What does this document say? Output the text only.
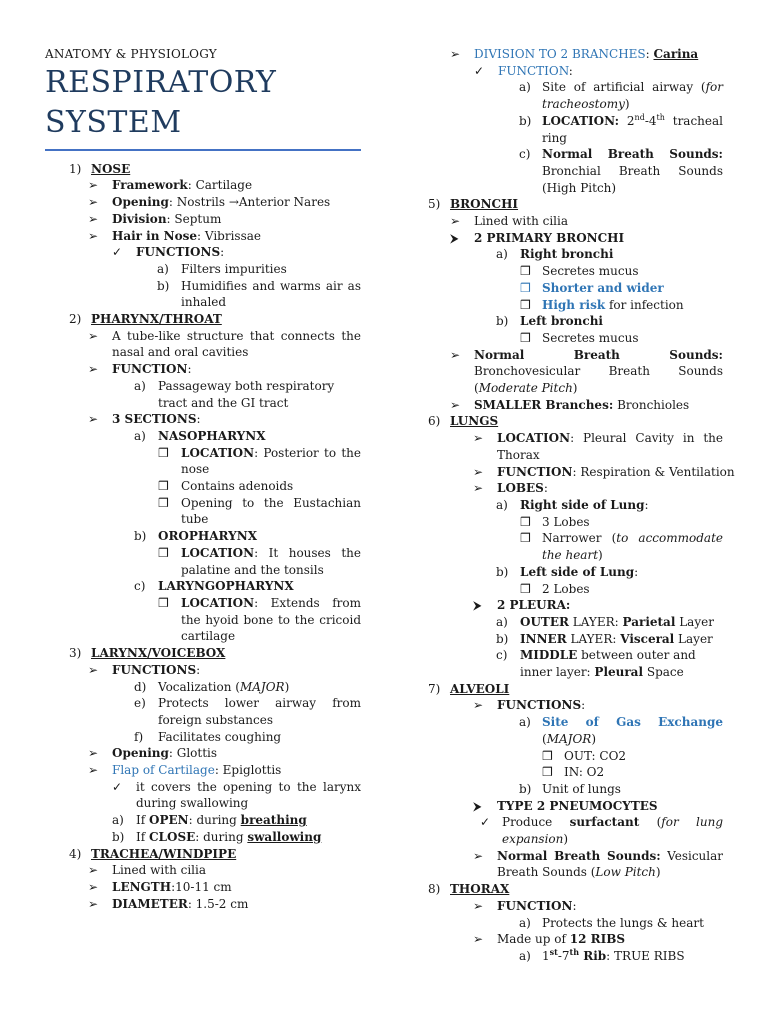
ANATOMY & PHYSIOLOGY
RESPIRATORY
SYSTEM
1) NOSE
➢ Framework: Cartilage
➢ Opening: Nostrils →Anterior Nares
➢ Division: Septum
➢ Hair in Nose: Vibrissae
✓ FUNCTIONS:
a) Filters impurities
b) Humidifies and warms air as inhaled
2) PHARYNX/THROAT
➢ A tube-like structure that connects the nasal and oral cavities
➢ FUNCTION:
a) Passageway both respiratory tract and the GI tract
➢ 3 SECTIONS:
a) NASOPHARYNX
❒ LOCATION: Posterior to the nose
❒ Contains adenoids
❒ Opening to the Eustachian tube
b) OROPHARYNX
❒ LOCATION: It houses the palatine and the tonsils
c) LARYNGOPHARYNX
❒ LOCATION: Extends from the hyoid bone to the cricoid cartilage
3) LARYNX/VOICEBOX
➢ FUNCTIONS:
d) Vocalization (MAJOR)
e) Protects lower airway from foreign substances
f) Facilitates coughing
➢ Opening: Glottis
➢ Flap of Cartilage: Epiglottis
✓ it covers the opening to the larynx during swallowing
a) If OPEN: during breathing
b) If CLOSE: during swallowing
4) TRACHEA/WINDPIPE
➢ Lined with cilia
➢ LENGTH:10-11 cm
➢ DIAMETER: 1.5-2 cm
➢ DIVISION TO 2 BRANCHES: Carina
✓ FUNCTION:
a) Site of artificial airway (for tracheostomy)
b) LOCATION: 2nd-4th tracheal ring
c) Normal Breath Sounds: Bronchial Breath Sounds (High Pitch)
5) BRONCHI
➢ Lined with cilia
⮞ 2 PRIMARY BRONCHI
a) Right bronchi
❒ Secretes mucus
❒ Shorter and wider
❒ High risk for infection
b) Left bronchi
❒ Secretes mucus
➢ Normal Breath Sounds: Bronchovesicular Breath Sounds (Moderate Pitch)
➢ SMALLER Branches: Bronchioles
6) LUNGS
➢ LOCATION: Pleural Cavity in the Thorax
➢ FUNCTION: Respiration & Ventilation
➢ LOBES:
a) Right side of Lung:
❒ 3 Lobes
❒ Narrower (to accommodate the heart)
b) Left side of Lung:
❒ 2 Lobes
⮞ 2 PLEURA:
a) OUTER LAYER: Parietal Layer
b) INNER LAYER: Visceral Layer
c) MIDDLE between outer and inner layer: Pleural Space
7) ALVEOLI
➢ FUNCTIONS:
a) Site of Gas Exchange (MAJOR)
❒ OUT: CO2
❒ IN: O2
b) Unit of lungs
⮞ TYPE 2 PNEUMOCYTES
✓ Produce surfactant (for lung expansion)
➢ Normal Breath Sounds: Vesicular Breath Sounds (Low Pitch)
8) THORAX
➢ FUNCTION:
a) Protects the lungs & heart
➢ Made up of 12 RIBS
a) 1st-7th Rib: TRUE RIBS
